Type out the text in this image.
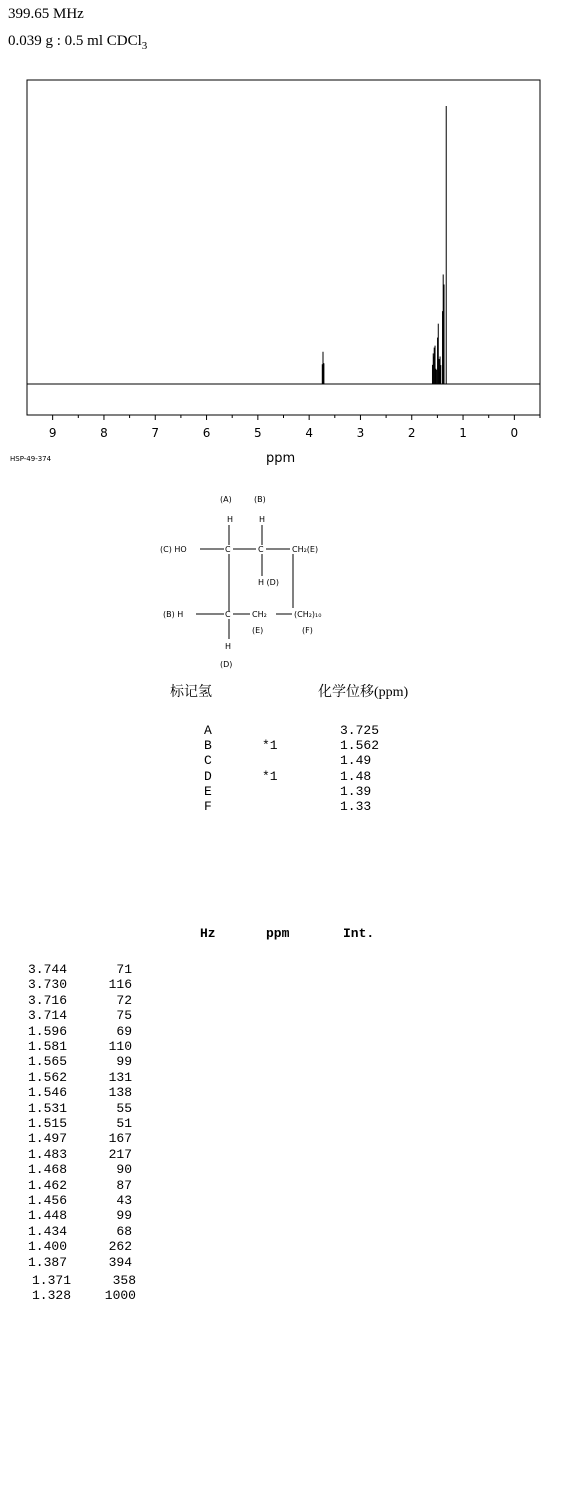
399.65 MHz
0.039 g : 0.5 ml CDCl$_3$
9	8	7	6	5	4	3	2	1	0
HSP-49-374	ppm
(A)	(B)
H	H
(C) HO	C	C	CH₂(E)
H (D)
(B) H	C	CH₂	(CH₂)₁₀
(E)	(F)
H
(D)
标记氢	化学位移(ppm)
A	3.725
B	*1	1.562
C	1.49
D	*1	1.48
E	1.39
F	1.33
Hz	ppm	Int.
3.744	71
3.730	116
3.716	72
3.714	75
1.596	69
1.581	110
1.565	99
1.562	131
1.546	138
1.531	55
1.515	51
1.497	167
1.483	217
1.468	90
1.462	87
1.456	43
1.448	99
1.434	68
1.400	262
1.387	394
1.371	358
1.328	1000
